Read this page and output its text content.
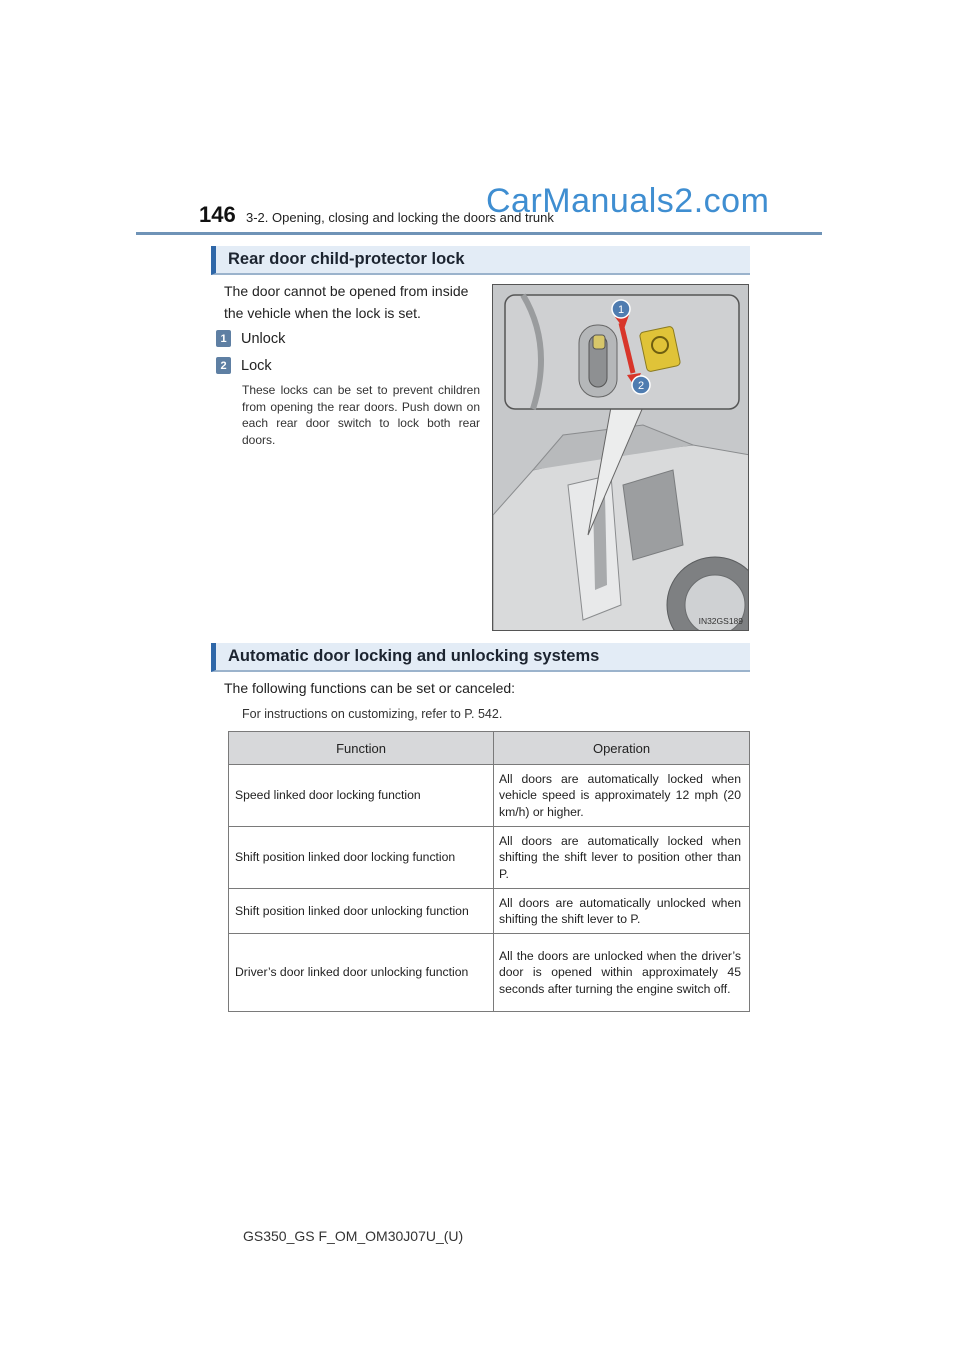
146 3-2. Opening, closing and locking the doors and trunk
CarManuals2.com
Rear door child-protector lock
The door cannot be opened from inside the vehicle when the lock is set.
1 Unlock
2 Lock
These locks can be set to prevent children from opening the rear doors. Push down on each rear door switch to lock both rear doors.
1
2
IN32GS189
Automatic door locking and unlocking systems
The following functions can be set or canceled:
For instructions on customizing, refer to P. 542.
Function	Operation
Speed linked door locking function	All doors are automatically locked when vehicle speed is approximately 12 mph (20 km/h) or higher.
Shift position linked door locking function	All doors are automatically locked when shifting the shift lever to position other than P.
Shift position linked door unlocking function	All doors are automatically unlocked when shifting the shift lever to P.
Driver’s door linked door unlocking function	All the doors are unlocked when the driver’s door is opened within approximately 45 seconds after turning the engine switch off.
GS350_GS F_OM_OM30J07U_(U)
